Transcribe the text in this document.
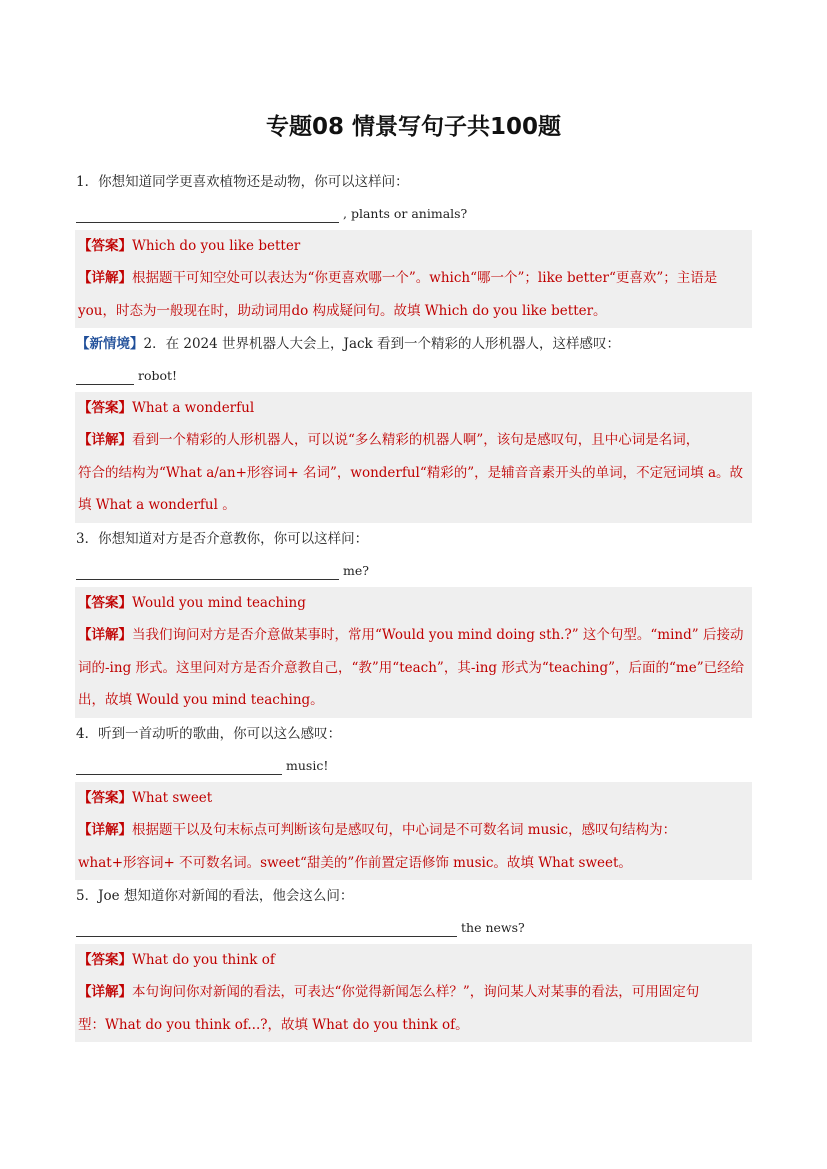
专题08 情景写句子共100题
1．你想知道同学更喜欢植物还是动物，你可以这样问：
, plants or animals?

【答案】Which do you like better

【详解】根据题干可知空处可以表达为“你更喜欢哪一个”。which“哪一个”；like better“更喜欢”；主语是
you，时态为一般现在时，助动词用do 构成疑问句。故填 Which do you like better。

【新情境】2．在 2024 世界机器人大会上，Jack 看到一个精彩的人形机器人，这样感叹：
robot!

【答案】What a wonderful

【详解】看到一个精彩的人形机器人，可以说“多么精彩的机器人啊”，该句是感叹句，且中心词是名词，
符合的结构为“What a/an+形容词+ 名词”，wonderful“精彩的”，是辅音音素开头的单词，不定冠词填 a。故
填 What a wonderful 。

3．你想知道对方是否介意教你，你可以这样问：
me?

【答案】Would you mind teaching

【详解】当我们询问对方是否介意做某事时，常用“Would you mind doing sth.?” 这个句型。“mind” 后接动
词的-ing 形式。这里问对方是否介意教自己，“教”用“teach”，其-ing 形式为“teaching”，后面的“me”已经给
出，故填 Would you mind teaching。

4．听到一首动听的歌曲，你可以这么感叹：
music!

【答案】What sweet

【详解】根据题干以及句末标点可判断该句是感叹句，中心词是不可数名词 music，感叹句结构为：
what+形容词+ 不可数名词。sweet“甜美的”作前置定语修饰 music。故填 What sweet。

5．Joe 想知道你对新闻的看法，他会这么问：
the news?

【答案】What do you think of

【详解】本句询问你对新闻的看法，可表达“你觉得新闻怎么样？”，询问某人对某事的看法，可用固定句
型：What do you think of...?，故填 What do you think of。
